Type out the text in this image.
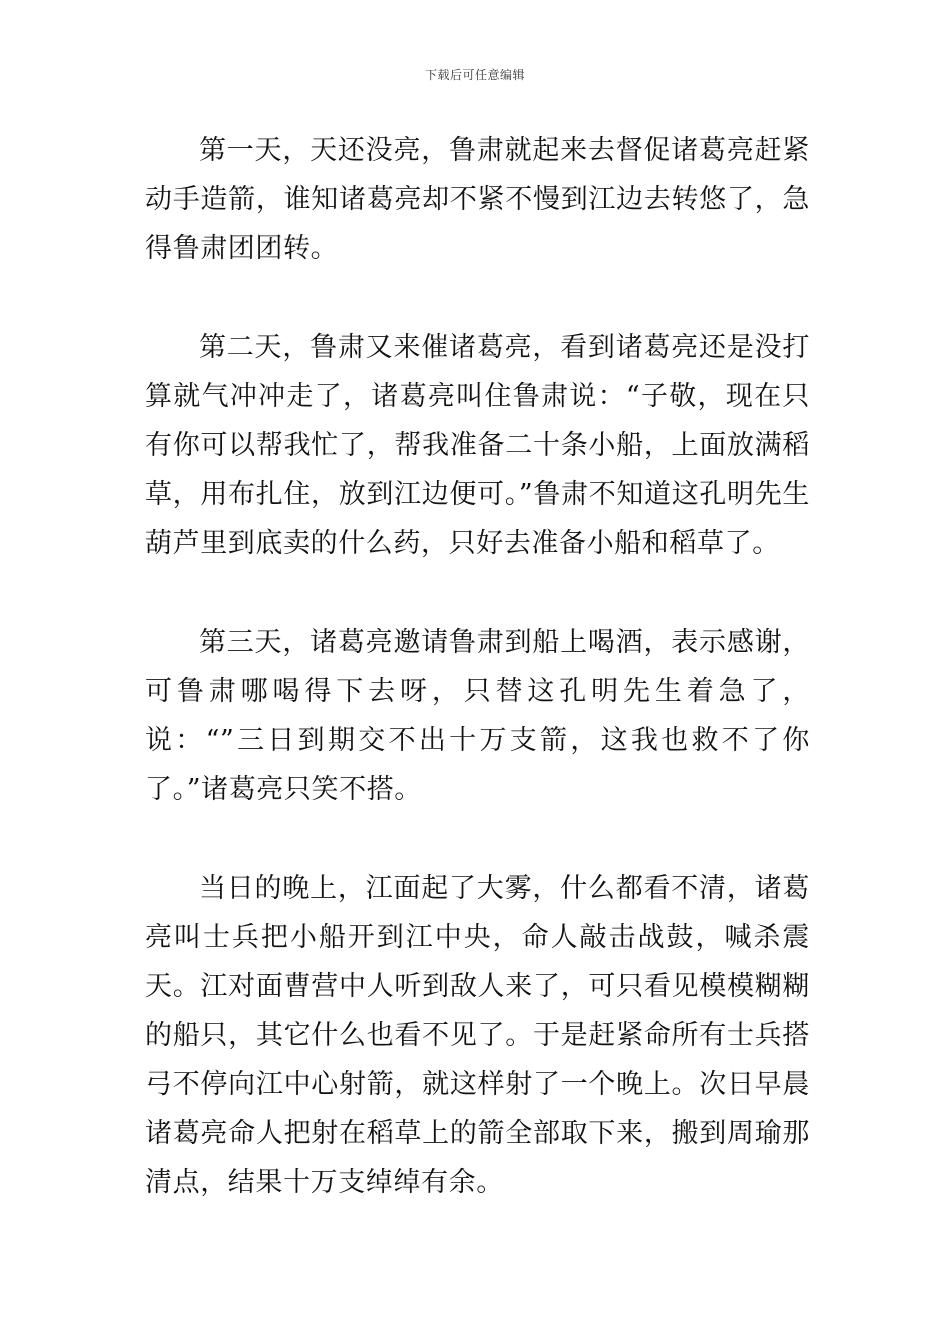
下载后可任意编辑

第一天，天还没亮，鲁肃就起来去督促诸葛亮赶紧动手造箭，谁知诸葛亮却不紧不慢到江边去转悠了，急得鲁肃团团转。

第二天，鲁肃又来催诸葛亮，看到诸葛亮还是没打算就气冲冲走了，诸葛亮叫住鲁肃说：“子敬，现在只有你可以帮我忙了，帮我准备二十条小船，上面放满稻草，用布扎住，放到江边便可。”鲁肃不知道这孔明先生葫芦里到底卖的什么药，只好去准备小船和稻草了。

第三天，诸葛亮邀请鲁肃到船上喝酒，表示感谢，可鲁肃哪喝得下去呀，只替这孔明先生着急了，说：“”三日到期交不出十万支箭，这我也救不了你了。”诸葛亮只笑不搭。

当日的晚上，江面起了大雾，什么都看不清，诸葛亮叫士兵把小船开到江中央，命人敲击战鼓，喊杀震天。江对面曹营中人听到敌人来了，可只看见模模糊糊的船只，其它什么也看不见了。于是赶紧命所有士兵搭弓不停向江中心射箭，就这样射了一个晚上。次日早晨诸葛亮命人把射在稻草上的箭全部取下来，搬到周瑜那清点，结果十万支绰绰有余。
